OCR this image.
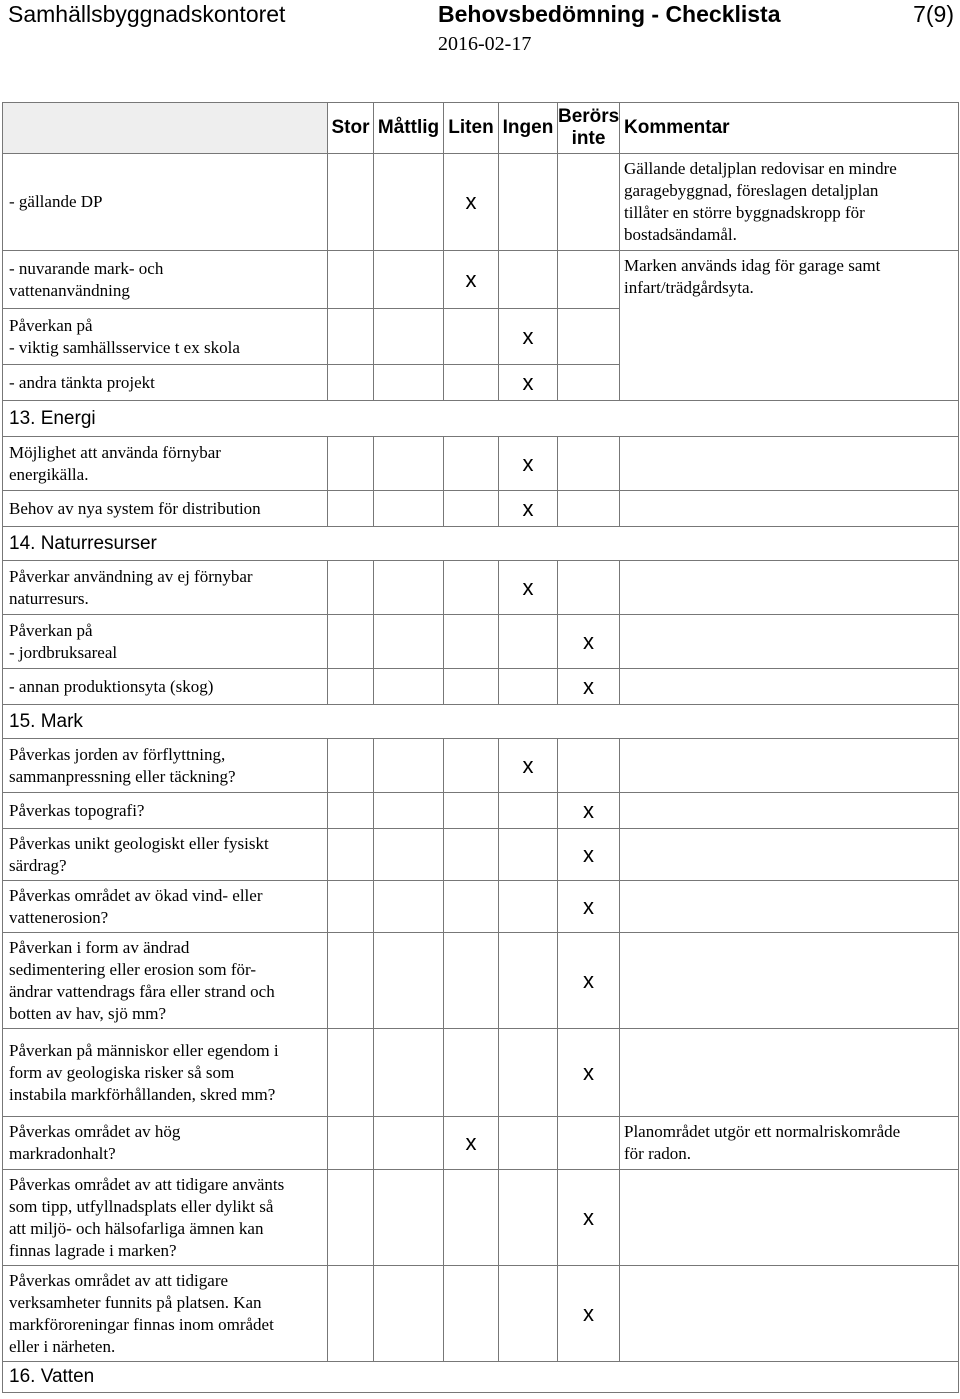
Samhällsbyggnadskontoret	Behovsbedömning - Checklista	7(9)
2016-02-17
	Stor	Måttlig	Liten	Ingen	Berörs
inte	Kommentar
- gällande DP			x			Gällande detaljplan redovisar en mindre
garagebyggnad, föreslagen detaljplan
tillåter en större byggnadskropp för
bostadsändamål.
- nuvarande mark- och
vattenanvändning			x			Marken används idag för garage samt
infart/trädgårdsyta.
Påverkan på
- viktig samhällsservice t ex skola				x		
- andra tänkta projekt				x		
13. Energi						
Möjlighet att använda förnybar
energikälla.				x		
Behov av nya system för distribution				x		
14. Naturresurser						
Påverkar användning av ej förnybar
naturresurs.				x		
Påverkan på
- jordbruksareal					x	
- annan produktionsyta (skog)					x	
15. Mark						
Påverkas jorden av förflyttning,
sammanpressning eller täckning?				x		
Påverkas topografi?					x	
Påverkas unikt geologiskt eller fysiskt
särdrag?					x	
Påverkas området av ökad vind- eller
vattenerosion?					x	
Påverkan i form av ändrad
sedimentering eller erosion som för-
ändrar vattendrags fåra eller strand och
botten av hav, sjö mm?					x	
Påverkan på människor eller egendom i
form av geologiska risker så som
instabila markförhållanden, skred mm?					x	
Påverkas området av hög
markradonhalt?			x			Planområdet utgör ett normalriskområde
för radon.
Påverkas området av att tidigare använts
som tipp, utfyllnadsplats eller dylikt så
att miljö- och hälsofarliga ämnen kan
finnas lagrade i marken?					x	
Påverkas området av att tidigare
verksamheter funnits på platsen. Kan
markföroreningar finnas inom området
eller i närheten.					x	
16. Vatten						
